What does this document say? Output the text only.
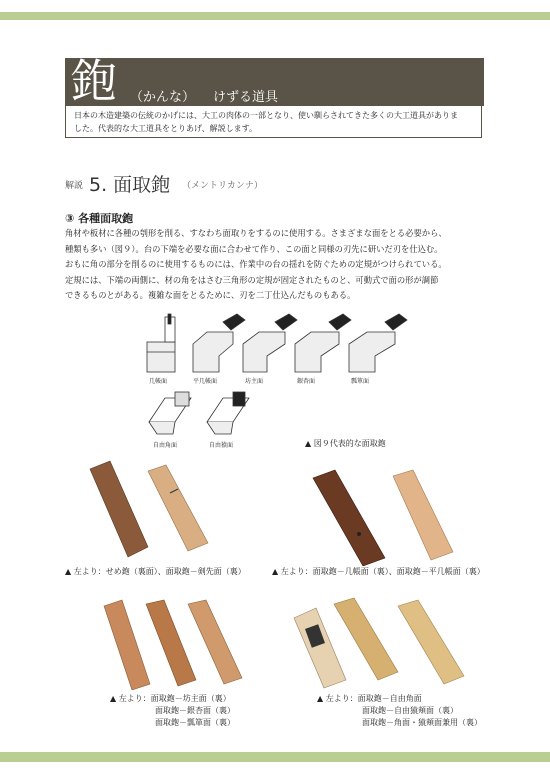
鉋 （かんな） けずる道具
日本の木造建築の伝統のかげには、大工の肉体の一部となり、使い馴らされてきた多くの大工道具がありま
した。代表的な大工道具をとりあげ、解説します。
解説 5. 面取鉋 （メントリカンナ）
③ 各種面取鉋

角材や板材に各種の刳形を削る、すなわち面取りをするのに使用する。さまざまな面をとる必要から、

種類も多い（図９）。台の下端を必要な面に合わせて作り、この面と同様の刃先に研いだ刃を仕込む。

おもに角の部分を削るのに使用するものには、作業中の台の揺れを防ぐための定規がつけられている。

定規には、下端の両側に、材の角をはさむ三角形の定規が固定されたものと、可動式で面の形が調節

できるものとがある。複雑な面をとるために、刃を二丁仕込んだものもある。

几帳面	平几帳面	坊主面	銀杏面	瓢箪面
自由角面	自由猿面	▲ 図９代表的な面取鉋
▲ 左より：せめ鉋（裏面）、面取鉋－剣先面（裏）	▲ 左より：面取鉋－几帳面（裏）、面取鉋－平几帳面（裏）
▲ 左より：面取鉋－坊主面（裏）
面取鉋－銀杏面（裏）
面取鉋－瓢箪面（裏）
▲ 左より：面取鉋－自由角面
面取鉋－自由猿頬面（裏）
面取鉋－角面・猿頬面兼用（裏）
